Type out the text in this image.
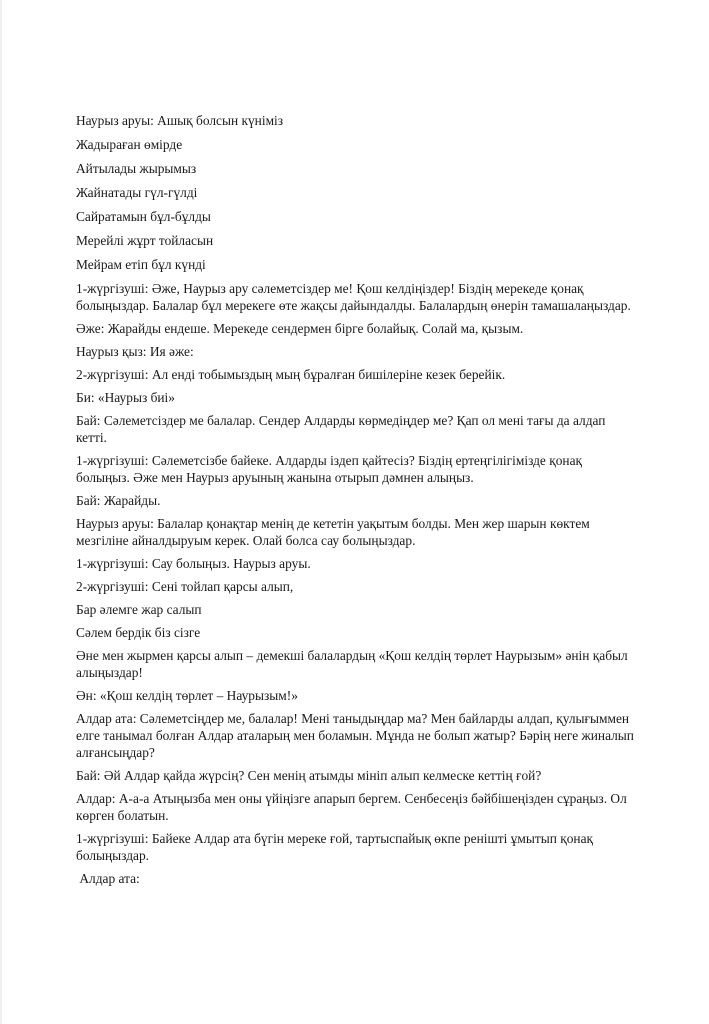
Наурыз аруы: Ашық болсын күніміз

Жадыраған өмірде

Айтылады жырымыз

Жайнатады гүл-гүлді

Сайратамын бұл-бұлды

Мерейлі жұрт тойласын

Мейрам етіп бұл күнді

1-жүргізуші: Әже, Наурыз ару сәлеметсіздер ме! Қош келдіңіздер! Біздің мерекеде қонақ болыңыздар. Балалар бұл мерекеге өте жақсы дайындалды. Балалардың өнерін тамашалаңыздар.

Әже: Жарайды ендеше. Мерекеде сендермен бірге болайық. Солай ма, қызым.

Наурыз қыз: Ия әже:

2-жүргізуші: Ал енді тобымыздың мың бұралған бишілеріне кезек берейік.

Би: «Наурыз биі»

Бай: Сәлеметсіздер ме балалар. Сендер Алдарды көрмедіңдер ме? Қап ол мені тағы да алдап кетті.

1-жүргізуші: Сәлеметсізбе байеке. Алдарды іздеп қайтесіз? Біздің ертеңгілігімізде қонақ болыңыз. Әже мен Наурыз аруының жанына отырып дәмнен алыңыз.

Бай: Жарайды.

Наурыз аруы: Балалар қонақтар менің де кететін уақытым болды. Мен жер шарын көктем мезгіліне айналдыруым керек. Олай болса сау болыңыздар.

1-жүргізуші: Сау болыңыз. Наурыз аруы.

2-жүргізуші: Сені тойлап қарсы алып,

Бар әлемге жар салып

Сәлем бердік біз сізге

Әне мен жырмен қарсы алып – демекші балалардың «Қош келдің төрлет Наурызым» әнін қабыл алыңыздар!

Ән: «Қош келдің төрлет – Наурызым!»

Алдар ата: Сәлеметсіңдер ме, балалар! Мені таныдыңдар ма? Мен байларды алдап, қулығыммен елге танымал болған Алдар аталарың мен боламын. Мұнда не болып жатыр? Бәрің неге жиналып алғансыңдар?

Бай: Әй Алдар қайда жүрсің? Сен менің атымды мініп алып келмеске кеттің ғой?

Алдар: А-а-а Атыңызба мен оны үйіңізге апарып бергем. Сенбесеңіз бәйбішеңізден сұраңыз. Ол көрген болатын.

1-жүргізуші: Байеке Алдар ата бүгін мереке ғой, тартыспайық өкпе реніштi ұмытып қонақ болыңыздар.

Алдар ата:
